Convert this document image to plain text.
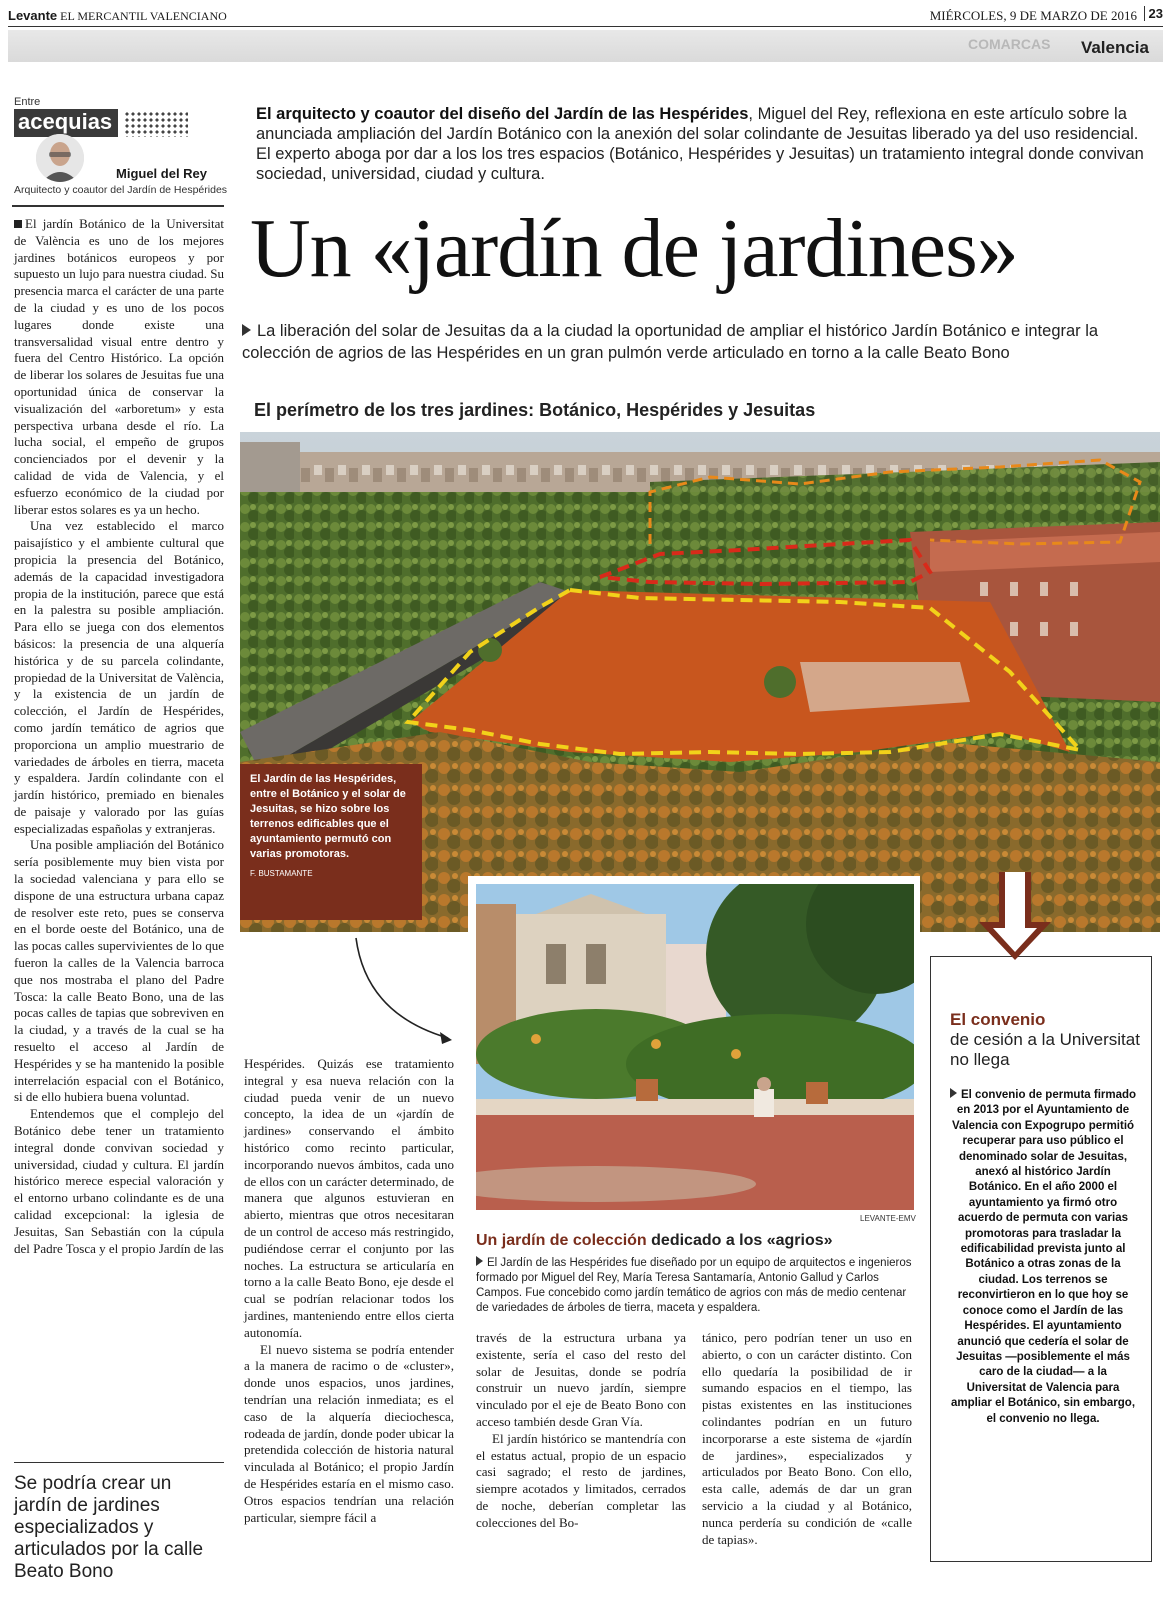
Levante EL MERCANTIL VALENCIANO	MIÉRCOLES, 9 DE MARZO DE 2016 23
COMARCAS Valencia
Entre
acequias
Miguel del Rey
Arquitecto y coautor del Jardín de Hespérides

El jardín Botánico de la Universitat de València es uno de los mejores jardines botánicos europeos y por supuesto un lujo para nuestra ciudad. Su presencia marca el carácter de una parte de la ciudad y es uno de los pocos lugares donde existe una transversalidad visual entre dentro y fuera del Centro Histórico. La opción de liberar los solares de Jesuitas fue una oportunidad única de conservar la visualización del «arboretum» y esta perspectiva urbana desde el río. La lucha social, el empeño de grupos concienciados por el devenir y la calidad de vida de Valencia, y el esfuerzo económico de la ciudad por liberar estos solares es ya un hecho.

Una vez establecido el marco paisajístico y el ambiente cultural que propicia la presencia del Botánico, además de la capacidad investigadora propia de la institución, parece que está en la palestra su posible ampliación. Para ello se juega con dos elementos básicos: la presencia de una alquería histórica y de su parcela colindante, propiedad de la Universitat de València, y la existencia de un jardín de colección, el Jardín de Hespérides, como jardín temático de agrios que proporciona un amplio muestrario de variedades de árboles en tierra, maceta y espaldera. Jardín colindante con el jardín histórico, premiado en bienales de paisaje y valorado por las guías especializadas españolas y extranjeras.

Una posible ampliación del Botánico sería posiblemente muy bien vista por la sociedad valenciana y para ello se dispone de una estructura urbana capaz de resolver este reto, pues se conserva en el borde oeste del Botánico, una de las pocas calles supervivientes de lo que fueron la calles de la Valencia barroca que nos mostraba el plano del Padre Tosca: la calle Beato Bono, una de las pocas calles de tapias que sobreviven en la ciudad, y a través de la cual se ha resuelto el acceso al Jardín de Hespérides y se ha mantenido la posible interrelación espacial con el Botánico, si de ello hubiera buena voluntad.

Entendemos que el complejo del Botánico debe tener un tratamiento integral donde convivan sociedad y universidad, ciudad y cultura. El jardín histórico merece especial valoración y el entorno urbano colindante es de una calidad excepcional: la iglesia de Jesuitas, San Sebastián con la cúpula del Padre Tosca y el propio Jardín de las

Se podría crear un jardín de jardines especializados y articulados por la calle Beato Bono
El arquitecto y coautor del diseño del Jardín de las Hespérides, Miguel del Rey, reflexiona en este artículo sobre la anunciada ampliación del Jardín Botánico con la anexión del solar colindante de Jesuitas liberado ya del uso residencial. El experto aboga por dar a los los tres espacios (Botánico, Hespérides y Jesuitas) un tratamiento integral donde convivan sociedad, universidad, ciudad y cultura.
Un «jardín de jardines»
La liberación del solar de Jesuitas da a la ciudad la oportunidad de ampliar el histórico Jardín Botánico e integrar la colección de agrios de las Hespérides en un gran pulmón verde articulado en torno a la calle Beato Bono
El perímetro de los tres jardines: Botánico, Hespérides y Jesuitas
El Jardín de las Hespérides, entre el Botánico y el solar de Jesuitas, se hizo sobre los terrenos edificables que el ayuntamiento permutó con varias promotoras.
F. BUSTAMANTE
LEVANTE-EMV
Un jardín de colección dedicado a los «agrios»
El Jardín de las Hespérides fue diseñado por un equipo de arquitectos e ingenieros formado por Miguel del Rey, María Teresa Santamaría, Antonio Gallud y Carlos Campos. Fue concebido como jardín temático de agrios con más de medio centenar de variedades de árboles de tierra, maceta y espaldera.

Hespérides. Quizás ese tratamiento integral y esa nueva relación con la ciudad pueda venir de un nuevo concepto, la idea de un «jardín de jardines» conservando el ámbito histórico como recinto particular, incorporando nuevos ámbitos, cada uno de ellos con un carácter determinado, de manera que algunos estuvieran en abierto, mientras que otros necesitaran de un control de acceso más restringido, pudiéndose cerrar el conjunto por las noches. La estructura se articularía en torno a la calle Beato Bono, eje desde el cual se podrían relacionar todos los jardines, manteniendo entre ellos cierta autonomía.

El nuevo sistema se podría entender a la manera de racimo o de «cluster», donde unos espacios, unos jardines, tendrían una relación inmediata; es el caso de la alquería dieciochesca, rodeada de jardín, donde poder ubicar la pretendida colección de historia natural vinculada al Botánico; el propio Jardín de Hespérides estaría en el mismo caso. Otros espacios tendrían una relación particular, siempre fácil a

través de la estructura urbana ya existente, sería el caso del resto del solar de Jesuitas, donde se podría construir un nuevo jardín, siempre vinculado por el eje de Beato Bono con acceso también desde Gran Vía.

El jardín histórico se mantendría con el estatus actual, propio de un espacio casi sagrado; el resto de jardines, siempre acotados y limitados, cerrados de noche, deberían completar las colecciones del Bo-

tánico, pero podrían tener un uso en abierto, o con un carácter distinto. Con ello quedaría la posibilidad de ir sumando espacios en el tiempo, las pistas existentes en las instituciones colindantes podrían en un futuro incorporarse a este sistema de «jardín de jardines», especializados y articulados por Beato Bono. Con ello, esta calle, además de dar un gran servicio a la ciudad y al Botánico, nunca perdería su condición de «calle de tapias».

El convenio
de cesión a la Universitat no llega
El convenio de permuta firmado en 2013 por el Ayuntamiento de Valencia con Expogrupo permitió recuperar para uso público el denominado solar de Jesuitas, anexó al histórico Jardín Botánico. En el año 2000 el ayuntamiento ya firmó otro acuerdo de permuta con varias promotoras para trasladar la edificabilidad prevista junto al Botánico a otras zonas de la ciudad. Los terrenos se reconvirtieron en lo que hoy se conoce como el Jardín de las Hespérides. El ayuntamiento anunció que cedería el solar de Jesuitas —posiblemente el más caro de la ciudad— a la Universitat de Valencia para ampliar el Botánico, sin embargo, el convenio no llega.
